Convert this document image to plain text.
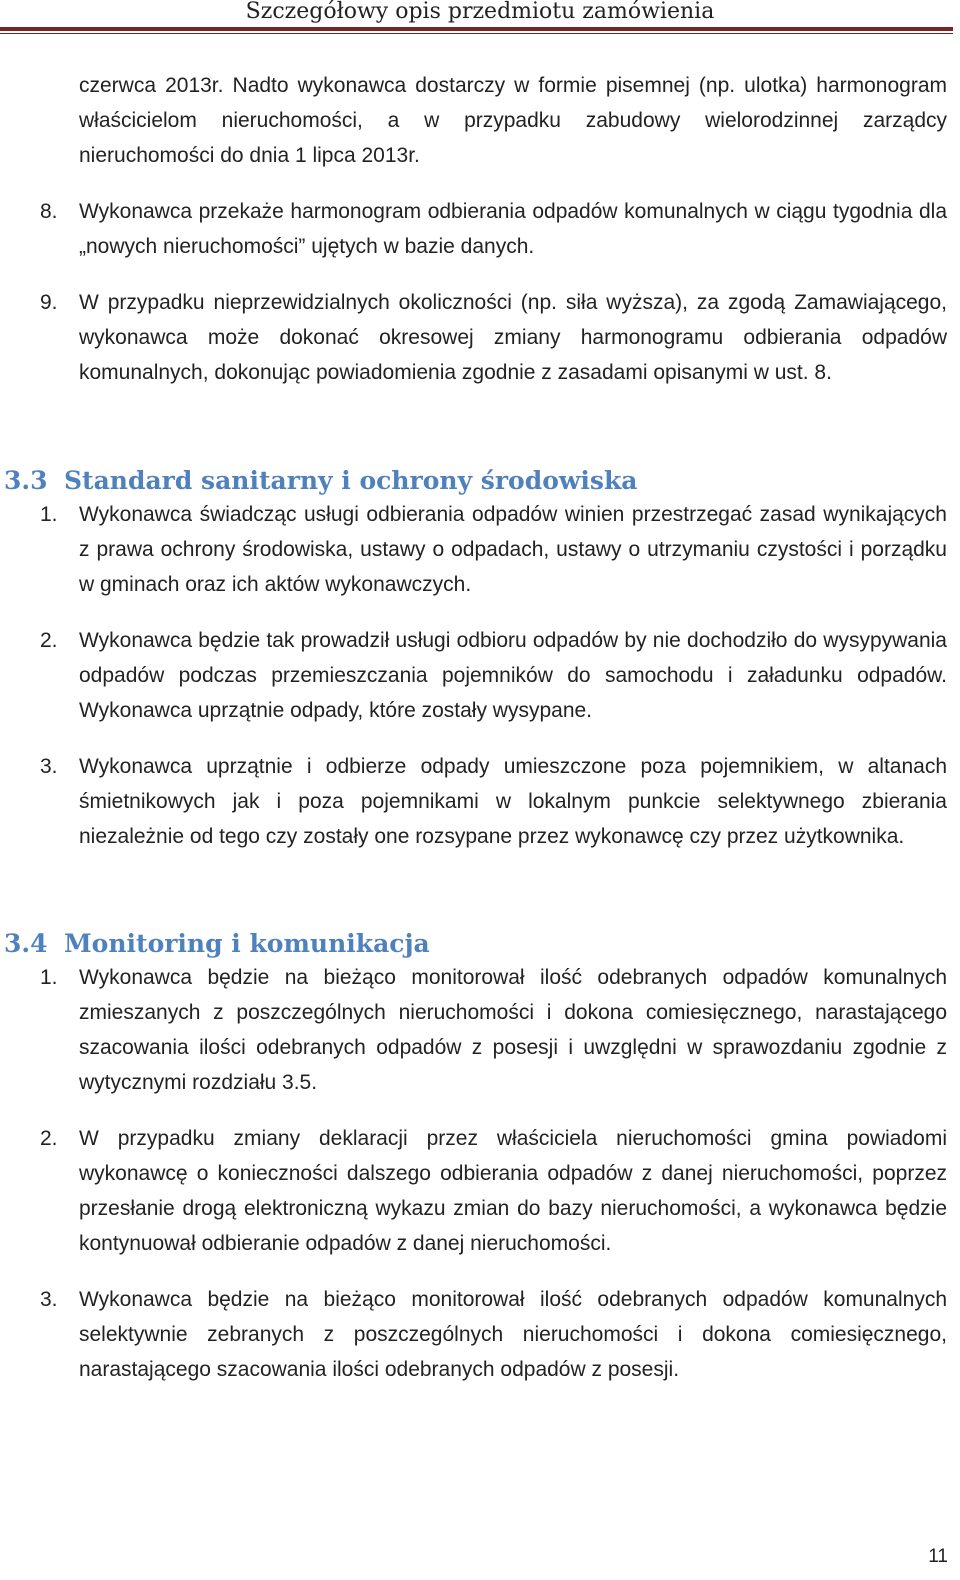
Szczegółowy opis przedmiotu zamówienia

czerwca 2013r. Nadto wykonawca dostarczy w formie pisemnej (np. ulotka) harmonogram właścicielom nieruchomości, a w przypadku zabudowy wielorodzinnej zarządcy nieruchomości do dnia 1 lipca 2013r.

8. Wykonawca przekaże harmonogram odbierania odpadów komunalnych w ciągu tygodnia dla „nowych nieruchomości” ujętych w bazie danych.

9. W przypadku nieprzewidzialnych okoliczności (np. siła wyższa), za zgodą Zamawiającego, wykonawca może dokonać okresowej zmiany harmonogramu odbierania odpadów komunalnych, dokonując powiadomienia zgodnie z zasadami opisanymi w ust. 8.

3.3 Standard sanitarny i ochrony środowiska

1. Wykonawca świadcząc usługi odbierania odpadów winien przestrzegać zasad wynikających z prawa ochrony środowiska, ustawy o odpadach, ustawy o utrzymaniu czystości i porządku w gminach oraz ich aktów wykonawczych.

2. Wykonawca będzie tak prowadził usługi odbioru odpadów by nie dochodziło do wysypywania odpadów podczas przemieszczania pojemników do samochodu i załadunku odpadów. Wykonawca uprzątnie odpady, które zostały wysypane.

3. Wykonawca uprzątnie i odbierze odpady umieszczone poza pojemnikiem, w altanach śmietnikowych jak i poza pojemnikami w lokalnym punkcie selektywnego zbierania niezależnie od tego czy zostały one rozsypane przez wykonawcę czy przez użytkownika.

3.4 Monitoring i komunikacja

1. Wykonawca będzie na bieżąco monitorował ilość odebranych odpadów komunalnych zmieszanych z poszczególnych nieruchomości i dokona comiesięcznego, narastającego szacowania ilości odebranych odpadów z posesji i uwzględni w sprawozdaniu zgodnie z wytycznymi rozdziału 3.5.

2. W przypadku zmiany deklaracji przez właściciela nieruchomości gmina powiadomi wykonawcę o konieczności dalszego odbierania odpadów z danej nieruchomości, poprzez przesłanie drogą elektroniczną wykazu zmian do bazy nieruchomości, a wykonawca będzie kontynuował odbieranie odpadów z danej nieruchomości.

3. Wykonawca będzie na bieżąco monitorował ilość odebranych odpadów komunalnych selektywnie zebranych z poszczególnych nieruchomości i dokona comiesięcznego, narastającego szacowania ilości odebranych odpadów z posesji.

11
